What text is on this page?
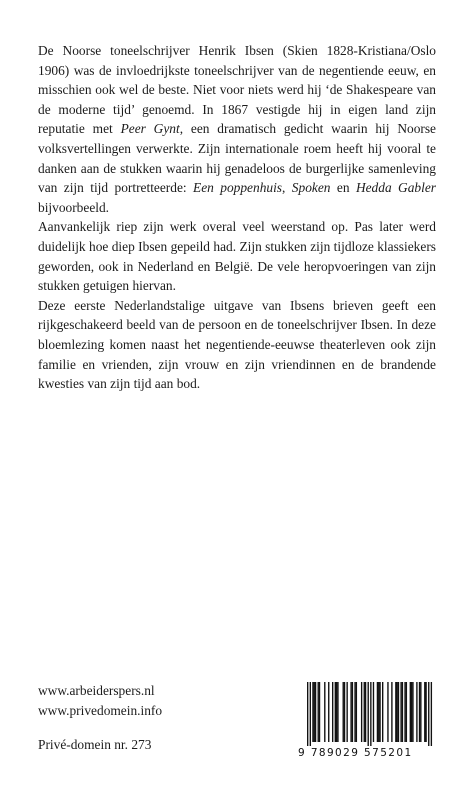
De Noorse toneelschrijver Henrik Ibsen (Skien 1828-Kristiana/Oslo 1906) was de invloedrijkste toneelschrijver van de negentiende eeuw, en misschien ook wel de beste. Niet voor niets werd hij ‘de Shakespeare van de moderne tijd’ genoemd. In 1867 vestigde hij in eigen land zijn reputatie met Peer Gynt, een dramatisch gedicht waarin hij Noorse volksvertellingen verwerkte. Zijn internationale roem heeft hij vooral te danken aan de stukken waarin hij genadeloos de burgerlijke samenleving van zijn tijd portretteerde: Een poppenhuis, Spoken en Hedda Gabler bijvoorbeeld.

Aanvankelijk riep zijn werk overal veel weerstand op. Pas later werd duidelijk hoe diep Ibsen gepeild had. Zijn stukken zijn tijdloze klassiekers geworden, ook in Nederland en België. De vele heropvoeringen van zijn stukken getuigen hiervan.

Deze eerste Nederlandstalige uitgave van Ibsens brieven geeft een rijkgeschakeerd beeld van de persoon en de toneelschrijver Ibsen. In deze bloemlezing komen naast het negentiende-eeuwse theaterleven ook zijn familie en vrienden, zijn vrouw en zijn vriendinnen en de brandende kwesties van zijn tijd aan bod.

www.arbeiderspers.nl
www.privedomein.info
Privé-domein nr. 273
9 789029 575201
